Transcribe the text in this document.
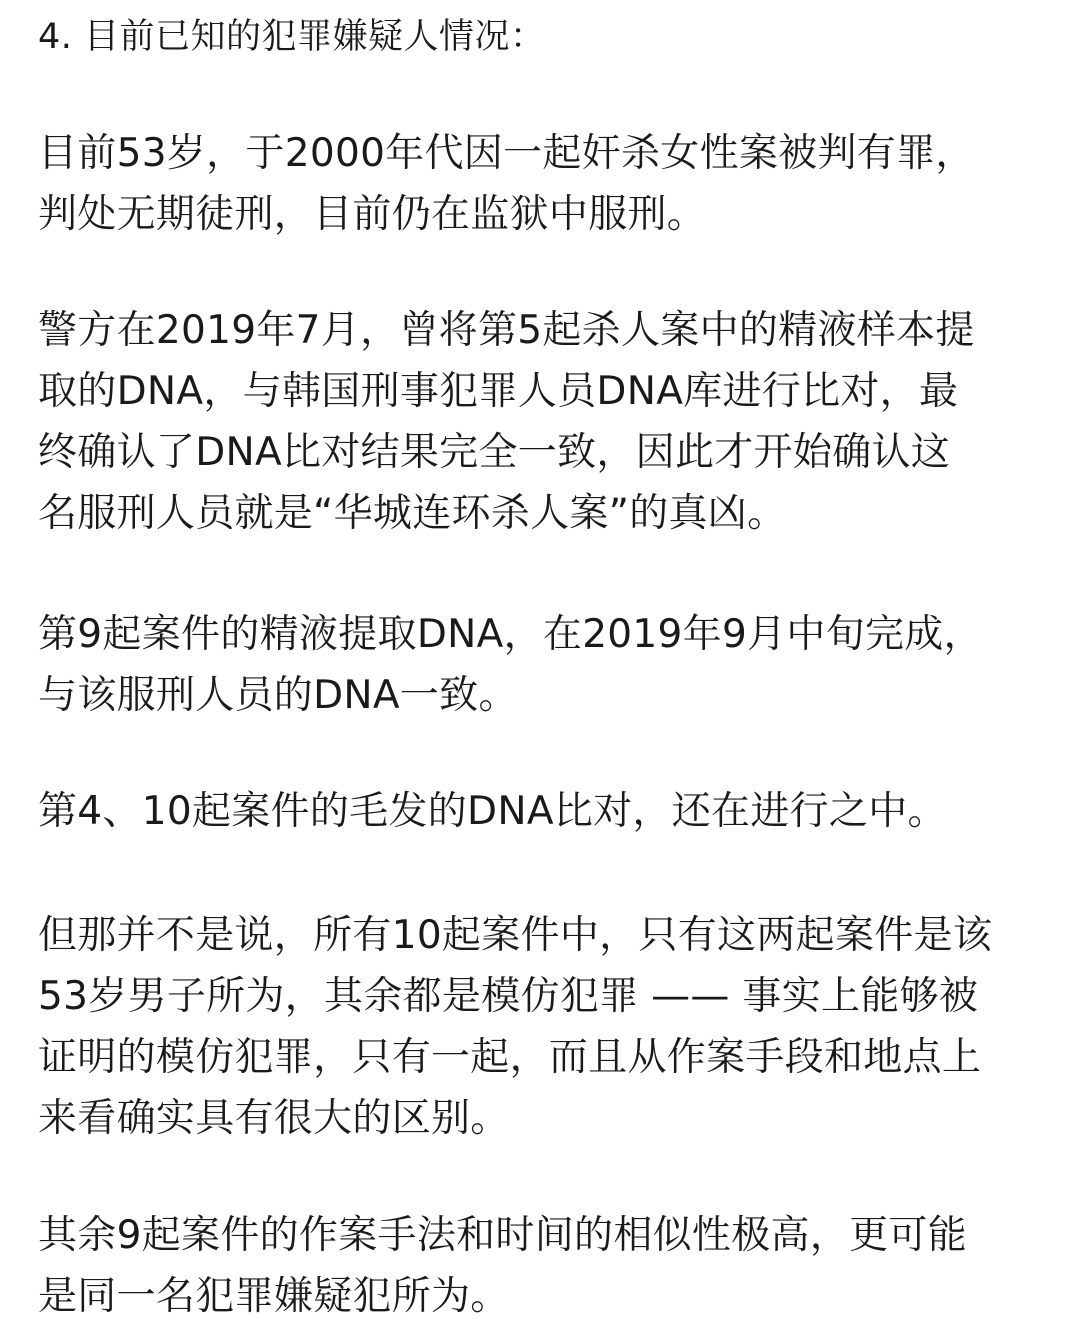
4. 目前已知的犯罪嫌疑人情况：
目前53岁，于2000年代因一起奸杀女性案被判有罪，
判处无期徒刑，目前仍在监狱中服刑。
警方在2019年7月，曾将第5起杀人案中的精液样本提
取的DNA，与韩国刑事犯罪人员DNA库进行比对，最
终确认了DNA比对结果完全一致，因此才开始确认这
名服刑人员就是“华城连环杀人案”的真凶。
第9起案件的精液提取DNA，在2019年9月中旬完成，
与该服刑人员的DNA一致。
第4、10起案件的毛发的DNA比对，还在进行之中。
但那并不是说，所有10起案件中，只有这两起案件是该
53岁男子所为，其余都是模仿犯罪 —— 事实上能够被
证明的模仿犯罪，只有一起，而且从作案手段和地点上
来看确实具有很大的区别。
其余9起案件的作案手法和时间的相似性极高，更可能
是同一名犯罪嫌疑犯所为。
